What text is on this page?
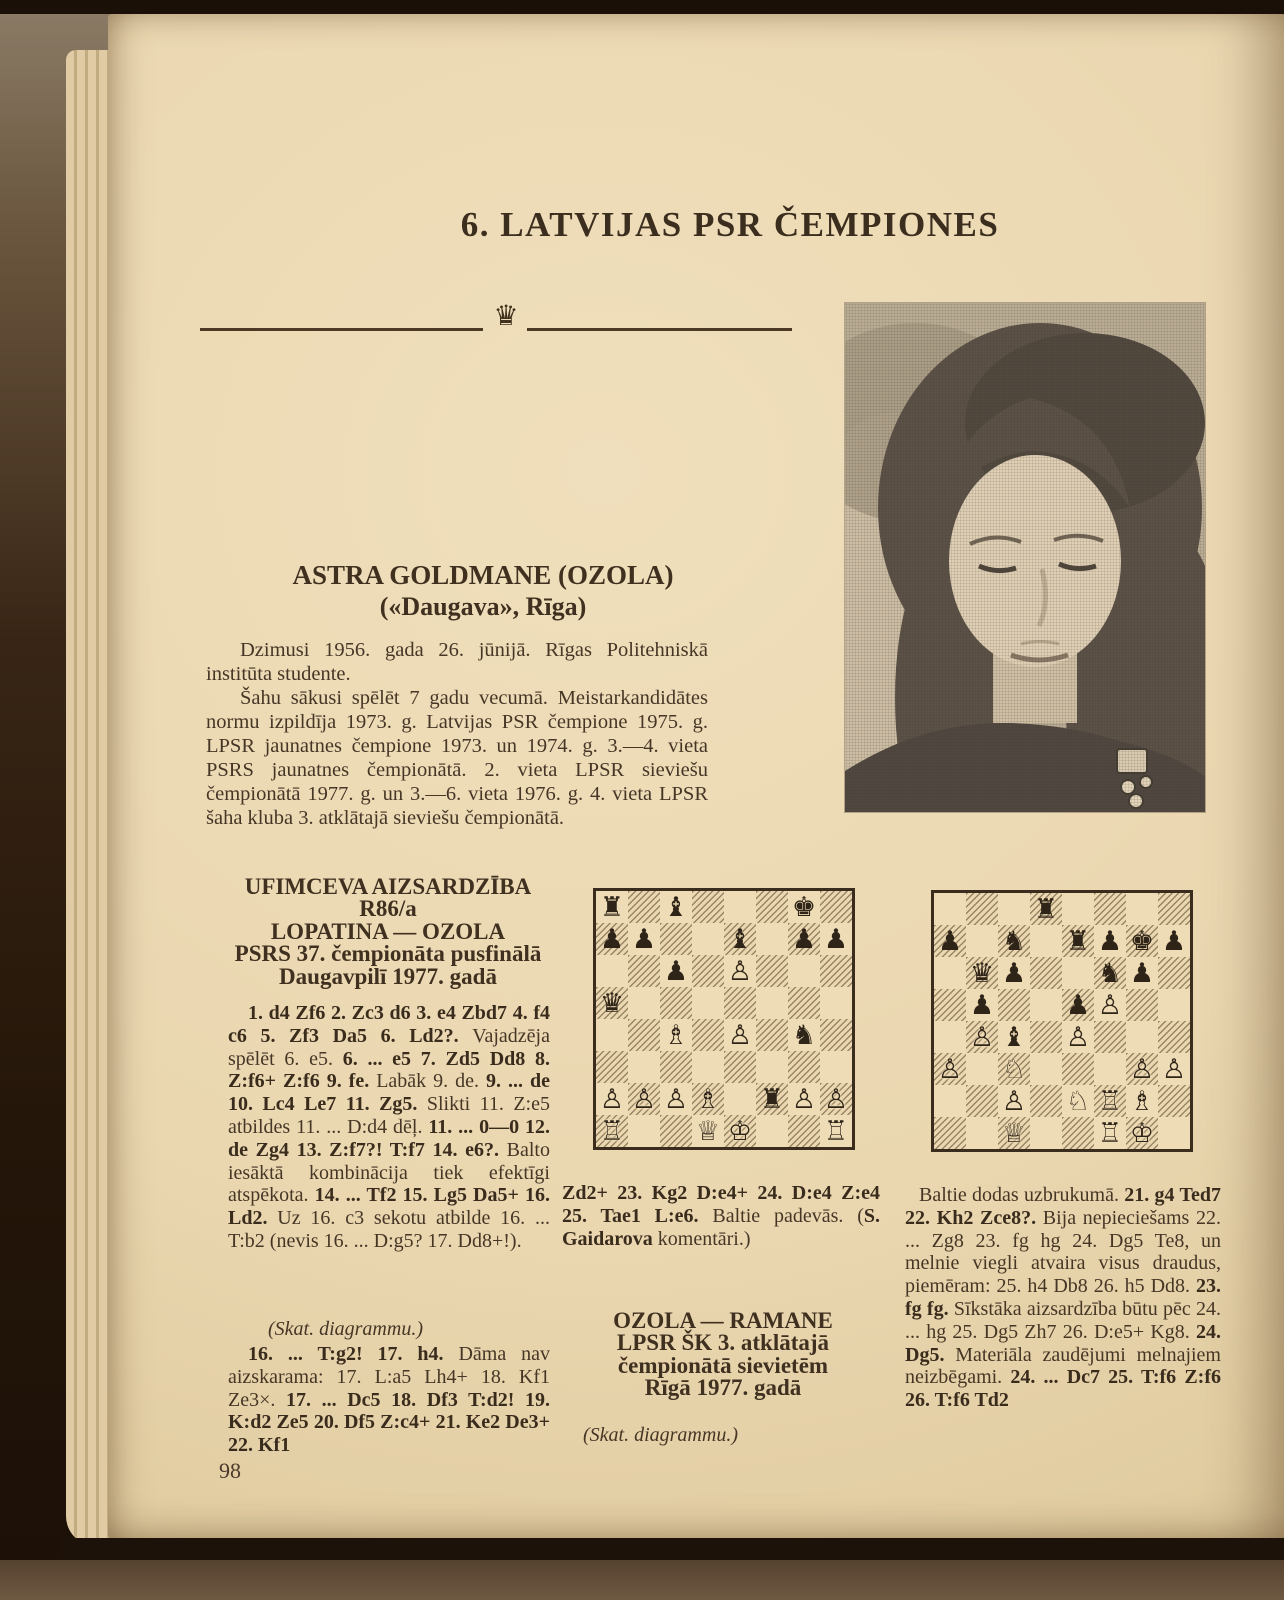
6. LATVIJAS PSR ČEMPIONES
♛
ASTRA GOLDMANE (OZOLA)
(«Daugava», Rīga)

Dzimusi 1956. gada 26. jūnijā. Rīgas Politehniskā institūta studente.

Šahu sākusi spēlēt 7 gadu vecumā. Meistarkandidātes normu izpildīja 1973. g. Latvijas PSR čempione 1975. g. LPSR jaunatnes čempione 1973. un 1974. g. 3.—4. vieta PSRS jaunatnes čempionātā. 2. vieta LPSR sieviešu čempionātā 1977. g. un 3.—6. vieta 1976. g. 4. vieta LPSR šaha kluba 3. atklātajā sieviešu čempionātā.

UFIMCEVA AIZSARDZĪBA
R86/a
LOPATINA — OZOLA
PSRS 37. čempionāta pusfinālā
Daugavpilī 1977. gadā
1. d4 Zf6 2. Zc3 d6 3. e4 Zbd7 4. f4 c6 5. Zf3 Da5 6. Ld2?. Vajadzēja spēlēt 6. e5. 6. ... e5 7. Zd5 Dd8 8. Z:f6+ Z:f6 9. fe. Labāk 9. de. 9. ... de 10. Lc4 Le7 11. Zg5. Slikti 11. Z:e5 atbildes 11. ... D:d4 dēļ. 11. ... 0—0 12. de Zg4 13. Z:f7?! T:f7 14. e6?. Balto iesāktā kombinācija tiek efektīgi atspēkota. 14. ... Tf2 15. Lg5 Da5+ 16. Ld2. Uz 16. c3 sekotu atbilde 16. ... T:b2 (nevis 16. ... D:g5? 17. Dd8+!).
(Skat. diagrammu.)
16. ... T:g2! 17. h4. Dāma nav aizskarama: 17. L:a5 Lh4+ 18. Kf1 Ze3×. 17. ... Dc5 18. Df3 T:d2! 19. K:d2 Ze5 20. Df5 Z:c4+ 21. Ke2 De3+ 22. Kf1
98
♜ ♝	♚
♟ ♟	♝ ♟ ♟
♟ ♙
♛
♗ ♙ ♞
♙ ♙ ♙ ♗ ♜ ♙ ♙
♖	♕ ♔	♖
Zd2+ 23. Kg2 D:e4+ 24. D:e4 Z:e4 25. Tae1 L:e6. Baltie padevās. (S. Gaidarova komentāri.)
OZOLA — RAMANE
LPSR ŠK 3. atklātajā
čempionātā sievietēm
Rīgā 1977. gadā
(Skat. diagrammu.)
♜
♟ ♞ ♜ ♟ ♚ ♟
♛ ♟	♞ ♟
♟	♟ ♙
♙ ♝ ♙
♙ ♘	♙ ♙
♙ ♘ ♖ ♗
♕	♖ ♔
Baltie dodas uzbrukumā. 21. g4 Ted7 22. Kh2 Zce8?. Bija nepieciešams 22. ... Zg8 23. fg hg 24. Dg5 Te8, un melnie viegli atvaira visus draudus, piemēram: 25. h4 Db8 26. h5 Dd8. 23. fg fg. Sīkstāka aizsardzība būtu pēc 24. ... hg 25. Dg5 Zh7 26. D:e5+ Kg8. 24. Dg5. Materiāla zaudējumi melnajiem neizbēgami. 24. ... Dc7 25. T:f6 Z:f6 26. T:f6 Td2
